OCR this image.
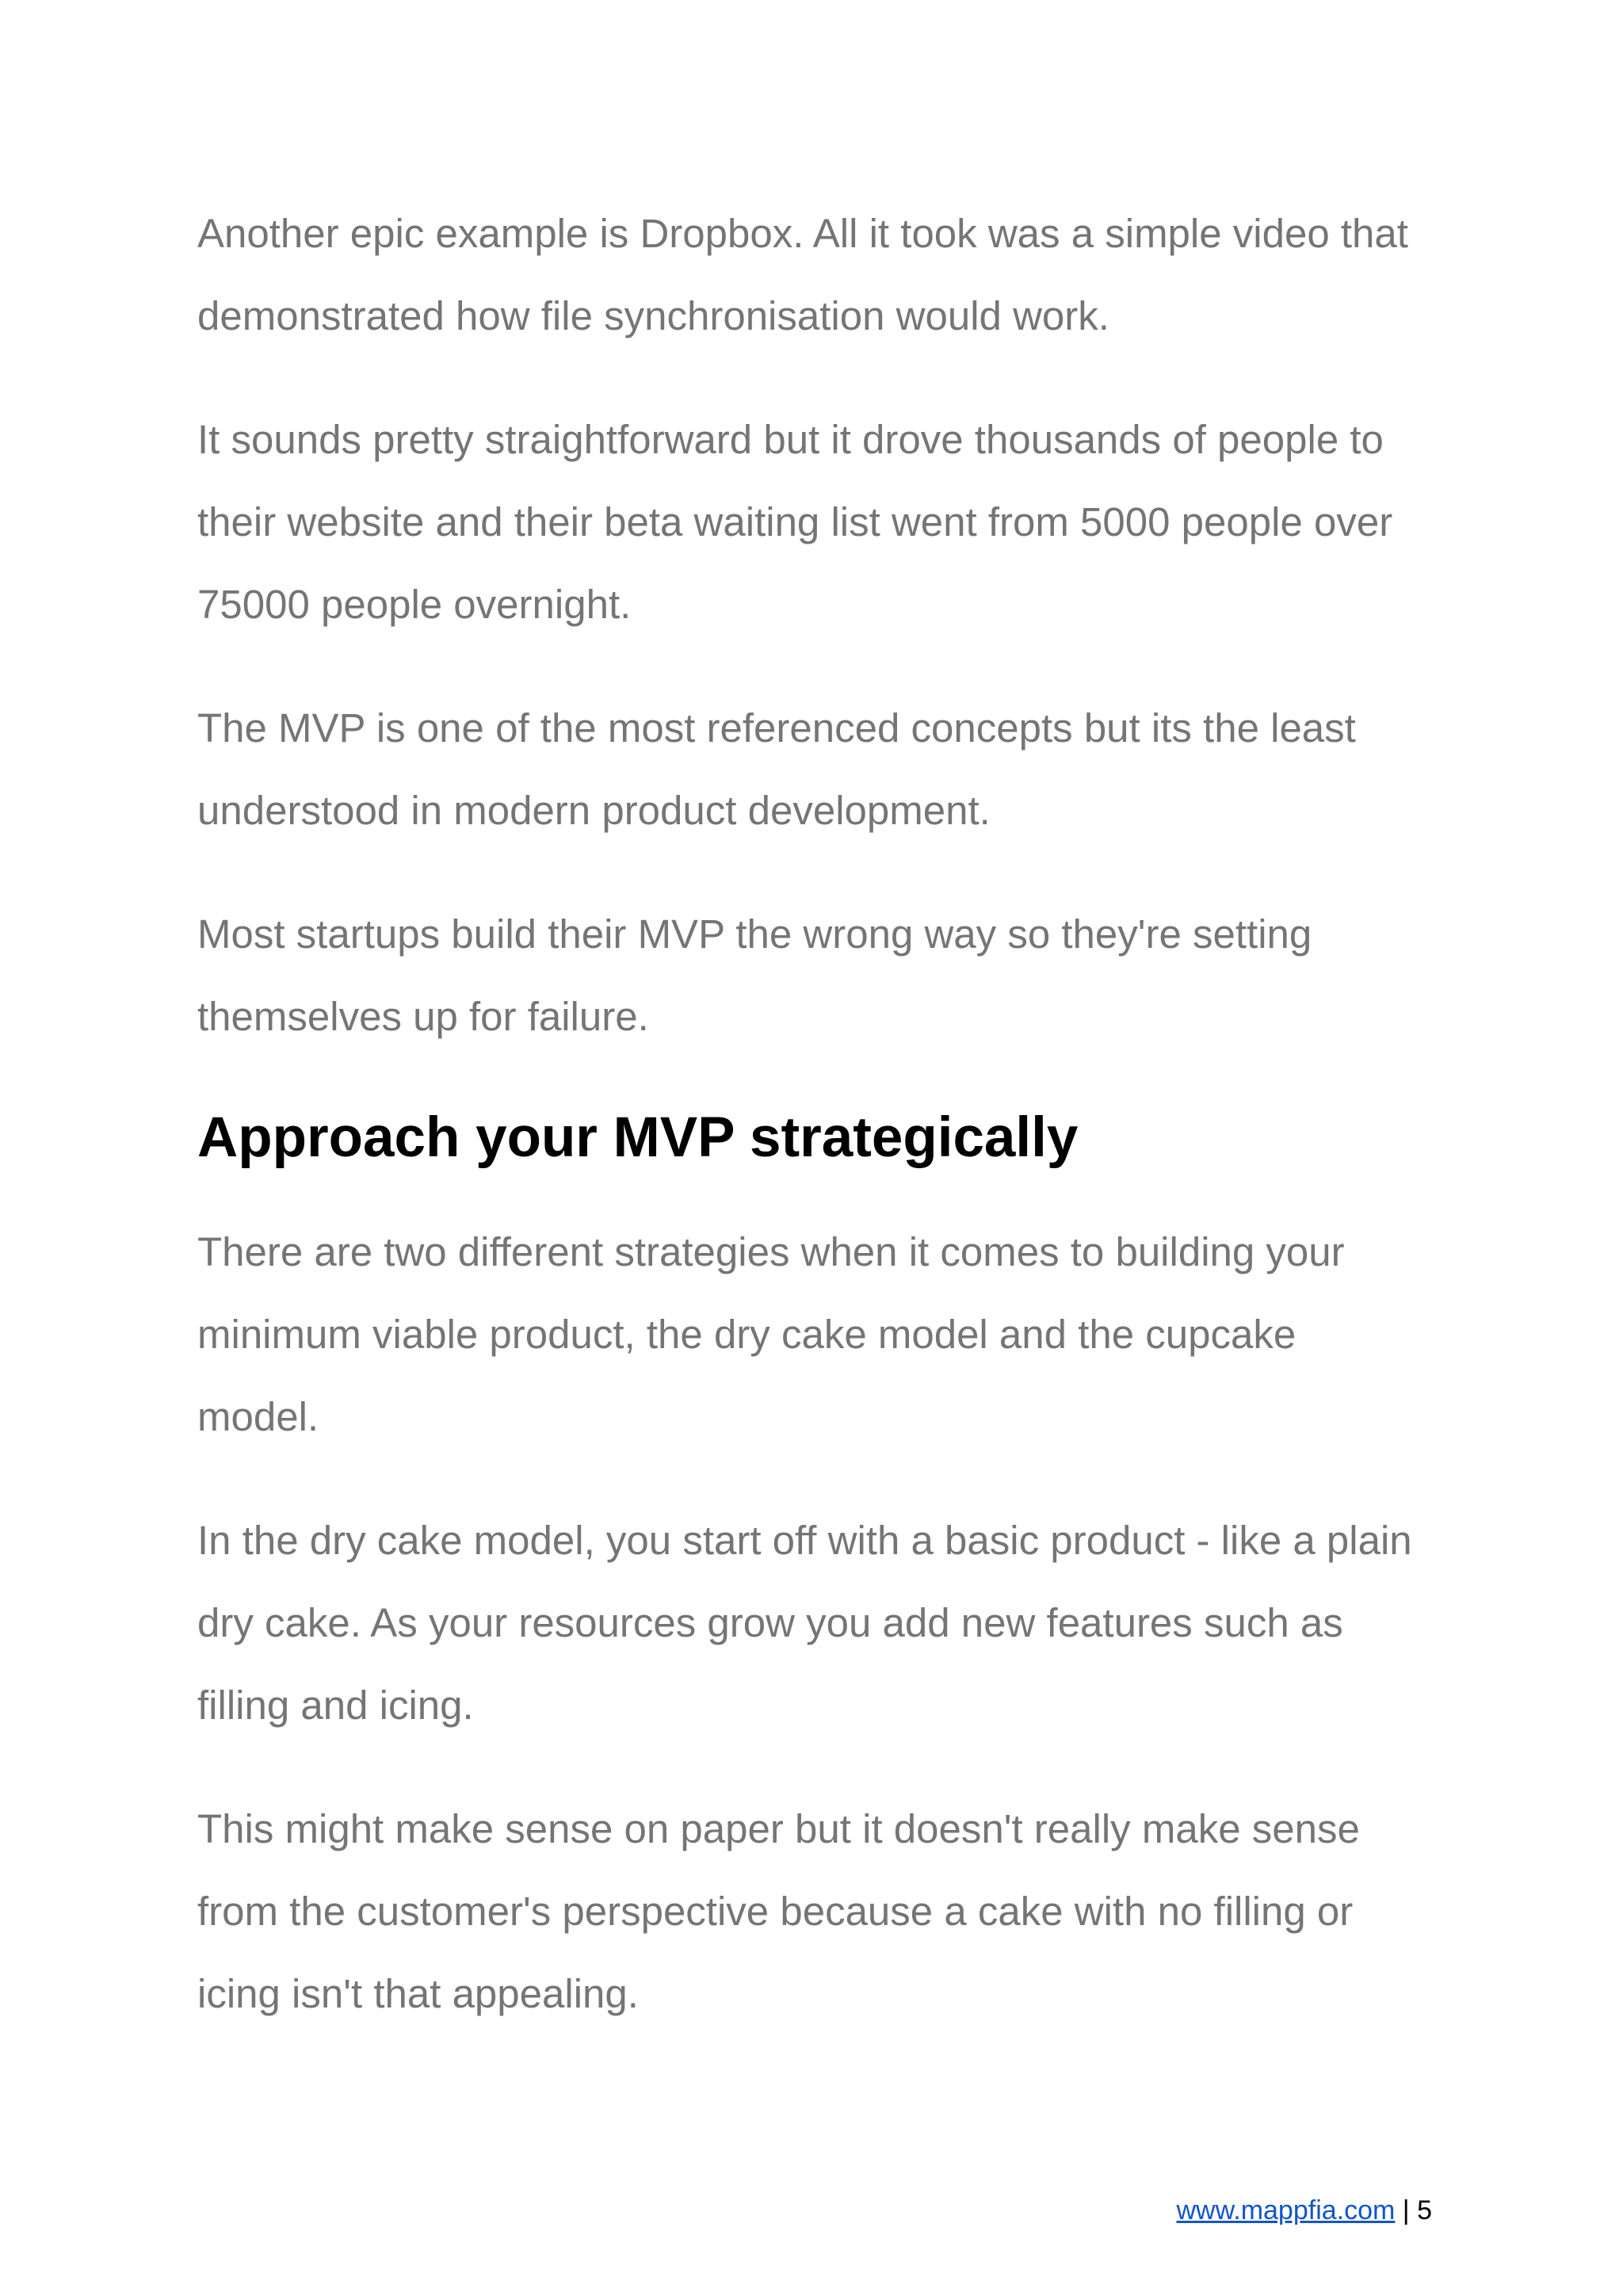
Another epic example is Dropbox. All it took was a simple video that
demonstrated how file synchronisation would work.

It sounds pretty straightforward but it drove thousands of people to
their website and their beta waiting list went from 5000 people over
75000 people overnight.

The MVP is one of the most referenced concepts but its the least
understood in modern product development.

Most startups build their MVP the wrong way so they're setting
themselves up for failure.

Approach your MVP strategically

There are two different strategies when it comes to building your
minimum viable product, the dry cake model and the cupcake
model.

In the dry cake model, you start off with a basic product - like a plain
dry cake. As your resources grow you add new features such as
filling and icing.

This might make sense on paper but it doesn't really make sense
from the customer's perspective because a cake with no filling or
icing isn't that appealing.

www.mappfia.com | 5
